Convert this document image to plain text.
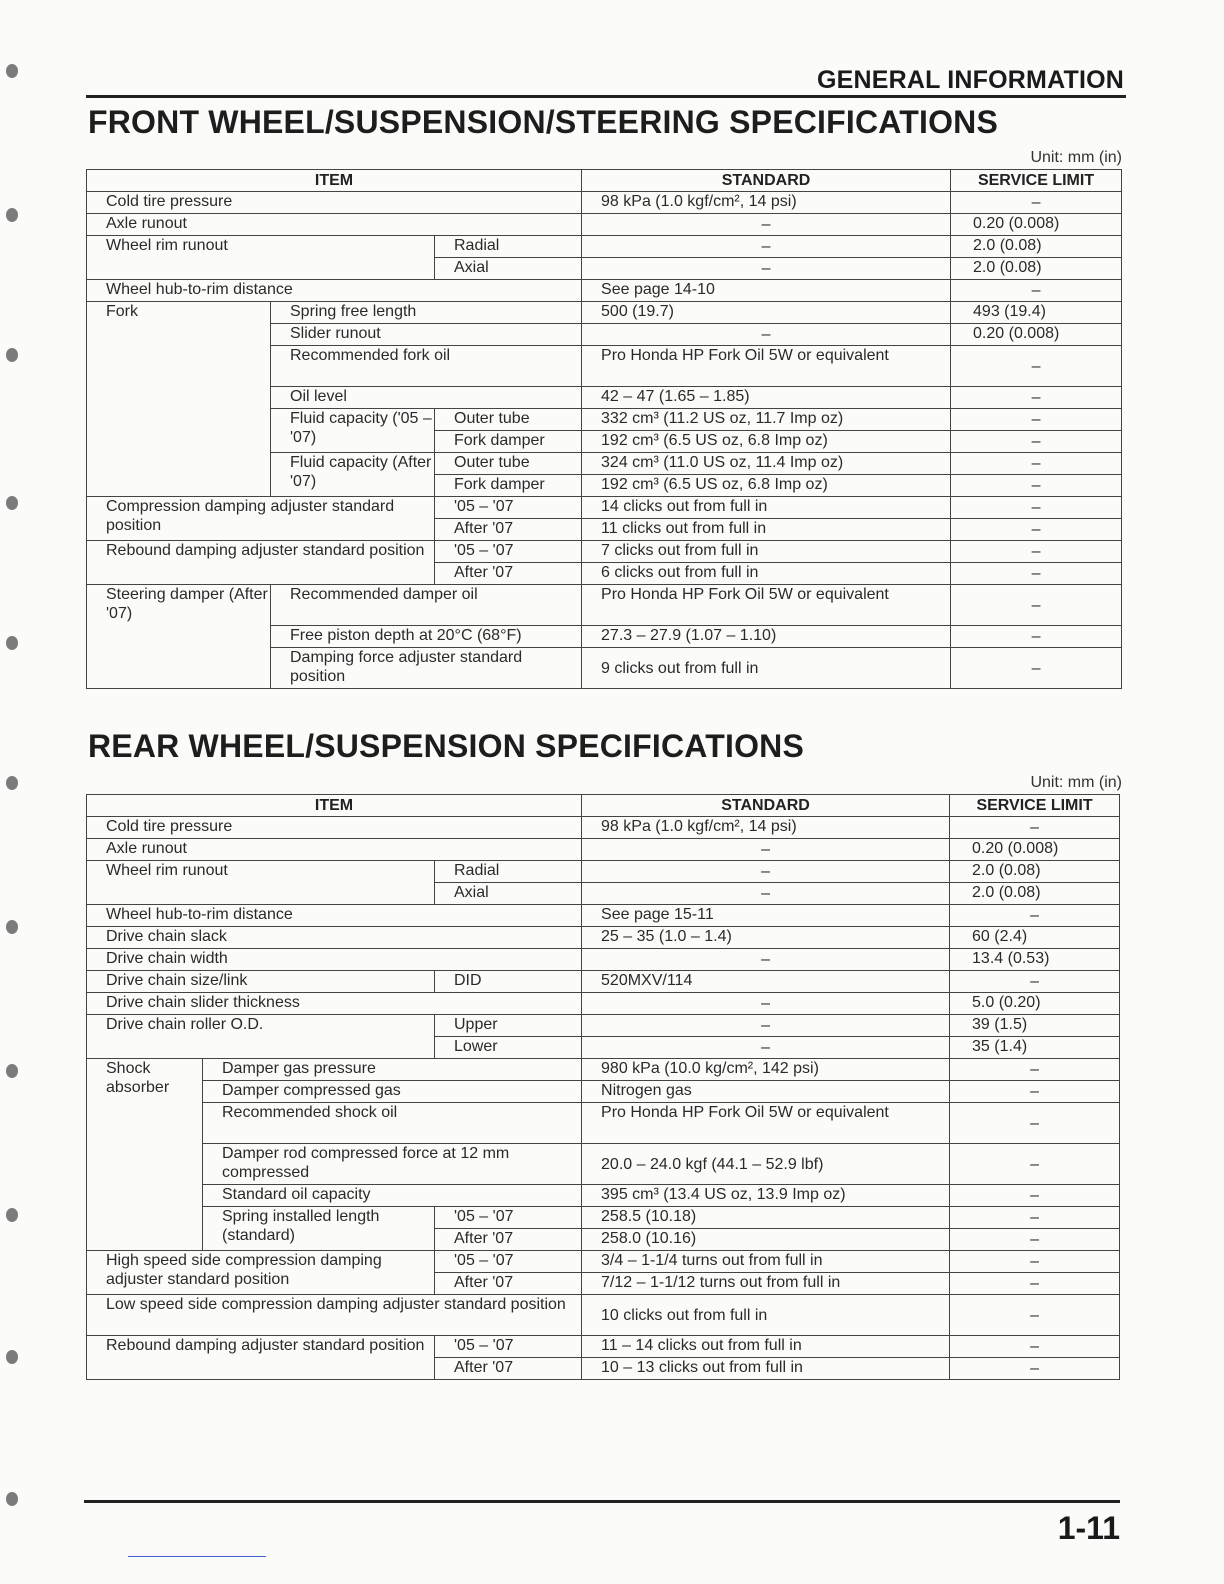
GENERAL INFORMATION
FRONT WHEEL/SUSPENSION/STEERING SPECIFICATIONS
Unit: mm (in)
ITEM			STANDARD	SERVICE LIMIT
Cold tire pressure			98 kPa (1.0 kgf/cm², 14 psi)	–
Axle runout			–	0.20 (0.008)
Wheel rim runout		Radial	–	2.0 (0.08)
		Axial	–	2.0 (0.08)
Wheel hub-to-rim distance			See page 14-10	–
Fork	Spring free length		500 (19.7)	493 (19.4)
	Slider runout		–	0.20 (0.008)
	Recommended fork oil		Pro Honda HP Fork Oil 5W or equivalent	–
	Oil level		42 – 47 (1.65 – 1.85)	–
	Fluid capacity ('05 – '07)	Outer tube	332 cm³ (11.2 US oz, 11.7 Imp oz)	–
		Fork damper	192 cm³ (6.5 US oz, 6.8 Imp oz)	–
	Fluid capacity (After '07)	Outer tube	324 cm³ (11.0 US oz, 11.4 Imp oz)	–
		Fork damper	192 cm³ (6.5 US oz, 6.8 Imp oz)	–
Compression damping adjuster standard position		'05 – '07	14 clicks out from full in	–
		After '07	11 clicks out from full in	–
Rebound damping adjuster standard position		'05 – '07	7 clicks out from full in	–
		After '07	6 clicks out from full in	–
Steering damper (After '07)	Recommended damper oil		Pro Honda HP Fork Oil 5W or equivalent	–
	Free piston depth at 20°C (68°F)		27.3 – 27.9 (1.07 – 1.10)	–
	Damping force adjuster standard position		9 clicks out from full in	–
REAR WHEEL/SUSPENSION SPECIFICATIONS
Unit: mm (in)
ITEM			STANDARD	SERVICE LIMIT
Cold tire pressure			98 kPa (1.0 kgf/cm², 14 psi)	–
Axle runout			–	0.20 (0.008)
Wheel rim runout		Radial	–	2.0 (0.08)
		Axial	–	2.0 (0.08)
Wheel hub-to-rim distance			See page 15-11	–
Drive chain slack			25 – 35 (1.0 – 1.4)	60 (2.4)
Drive chain width			–	13.4 (0.53)
Drive chain size/link		DID	520MXV/114	–
Drive chain slider thickness			–	5.0 (0.20)
Drive chain roller O.D.		Upper	–	39 (1.5)
		Lower	–	35 (1.4)
Shock absorber	Damper gas pressure		980 kPa (10.0 kg/cm², 142 psi)	–
	Damper compressed gas		Nitrogen gas	–
	Recommended shock oil		Pro Honda HP Fork Oil 5W or equivalent	–
	Damper rod compressed force at 12 mm compressed		20.0 – 24.0 kgf (44.1 – 52.9 lbf)	–
	Standard oil capacity		395 cm³ (13.4 US oz, 13.9 Imp oz)	–
	Spring installed length (standard)	'05 – '07	258.5 (10.18)	–
		After '07	258.0 (10.16)	–
High speed side compression damping adjuster standard position		'05 – '07	3/4 – 1-1/4 turns out from full in	–
		After '07	7/12 – 1-1/12 turns out from full in	–
Low speed side compression damping adjuster standard position			10 clicks out from full in	–
Rebound damping adjuster standard position		'05 – '07	11 – 14 clicks out from full in	–
		After '07	10 – 13 clicks out from full in	–
1-11
